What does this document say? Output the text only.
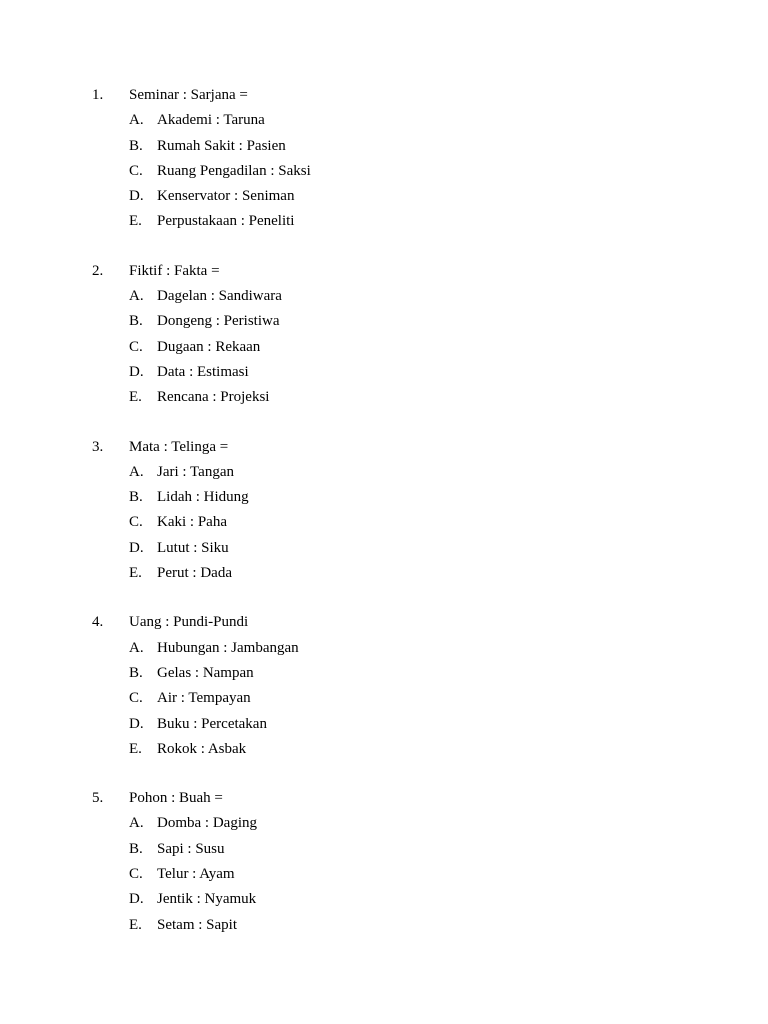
1. Seminar : Sarjana =
A. Akademi : Taruna
B. Rumah Sakit : Pasien
C. Ruang Pengadilan : Saksi
D. Kenservator : Seniman
E. Perpustakaan : Peneliti
2. Fiktif : Fakta =
A. Dagelan : Sandiwara
B. Dongeng : Peristiwa
C. Dugaan : Rekaan
D. Data : Estimasi
E. Rencana : Projeksi
3. Mata : Telinga =
A. Jari : Tangan
B. Lidah : Hidung
C. Kaki : Paha
D. Lutut : Siku
E. Perut : Dada
4. Uang : Pundi-Pundi
A. Hubungan : Jambangan
B. Gelas : Nampan
C. Air : Tempayan
D. Buku : Percetakan
E. Rokok : Asbak
5. Pohon : Buah =
A. Domba : Daging
B. Sapi : Susu
C. Telur : Ayam
D. Jentik : Nyamuk
E. Setam : Sapit
